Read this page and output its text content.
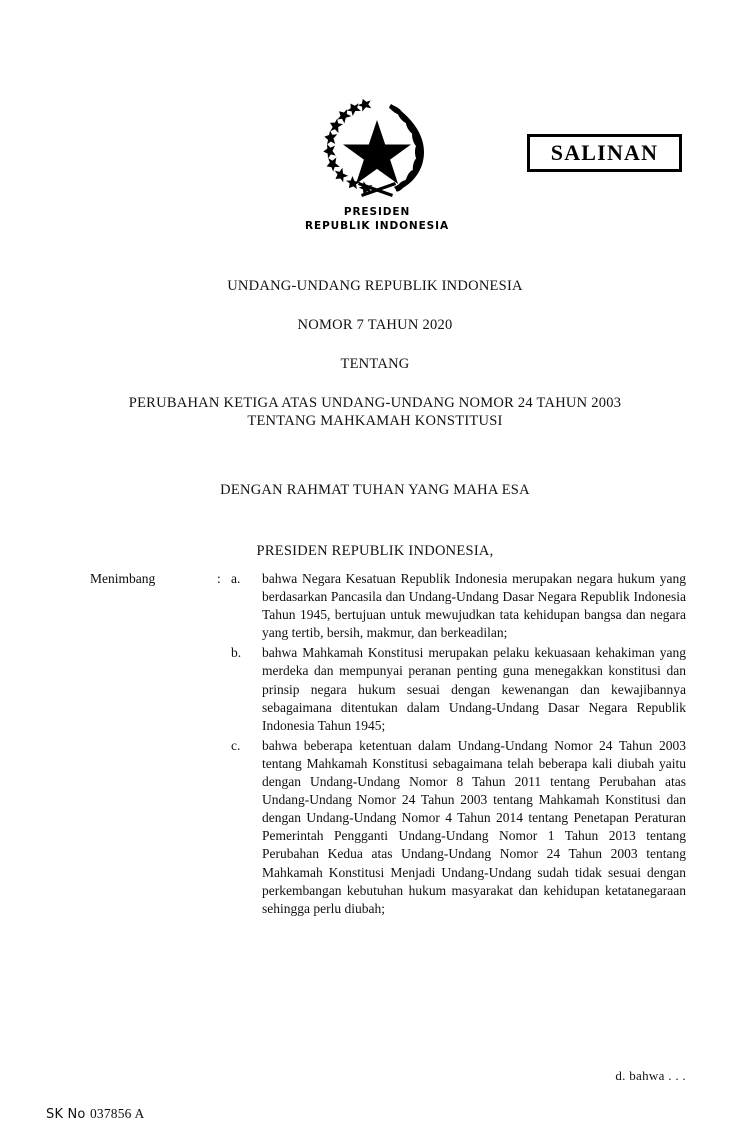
PRESIDEN
REPUBLIK INDONESIA
SALINAN
UNDANG-UNDANG REPUBLIK INDONESIA
NOMOR 7 TAHUN 2020
TENTANG
PERUBAHAN KETIGA ATAS UNDANG-UNDANG NOMOR 24 TAHUN 2003
TENTANG MAHKAMAH KONSTITUSI
DENGAN RAHMAT TUHAN YANG MAHA ESA
PRESIDEN REPUBLIK INDONESIA,
Menimbang	: a.	bahwa Negara Kesatuan Republik Indonesia merupakan negara hukum yang berdasarkan Pancasila dan Undang-Undang Dasar Negara Republik Indonesia Tahun 1945, bertujuan untuk mewujudkan tata kehidupan bangsa dan negara yang tertib, bersih, makmur, dan berkeadilan;
b.	bahwa Mahkamah Konstitusi merupakan pelaku kekuasaan kehakiman yang merdeka dan mempunyai peranan penting guna menegakkan konstitusi dan prinsip negara hukum sesuai dengan kewenangan dan kewajibannya sebagaimana ditentukan dalam Undang-Undang Dasar Negara Republik Indonesia Tahun 1945;
c.	bahwa beberapa ketentuan dalam Undang-Undang Nomor 24 Tahun 2003 tentang Mahkamah Konstitusi sebagaimana telah beberapa kali diubah yaitu dengan Undang-Undang Nomor 8 Tahun 2011 tentang Perubahan atas Undang-Undang Nomor 24 Tahun 2003 tentang Mahkamah Konstitusi dan dengan Undang-Undang Nomor 4 Tahun 2014 tentang Penetapan Peraturan Pemerintah Pengganti Undang-Undang Nomor 1 Tahun 2013 tentang Perubahan Kedua atas Undang-Undang Nomor 24 Tahun 2003 tentang Mahkamah Konstitusi Menjadi Undang-Undang sudah tidak sesuai dengan perkembangan kebutuhan hukum masyarakat dan kehidupan ketatanegaraan sehingga perlu diubah;
d. bahwa . . .
SK No 037856 A
